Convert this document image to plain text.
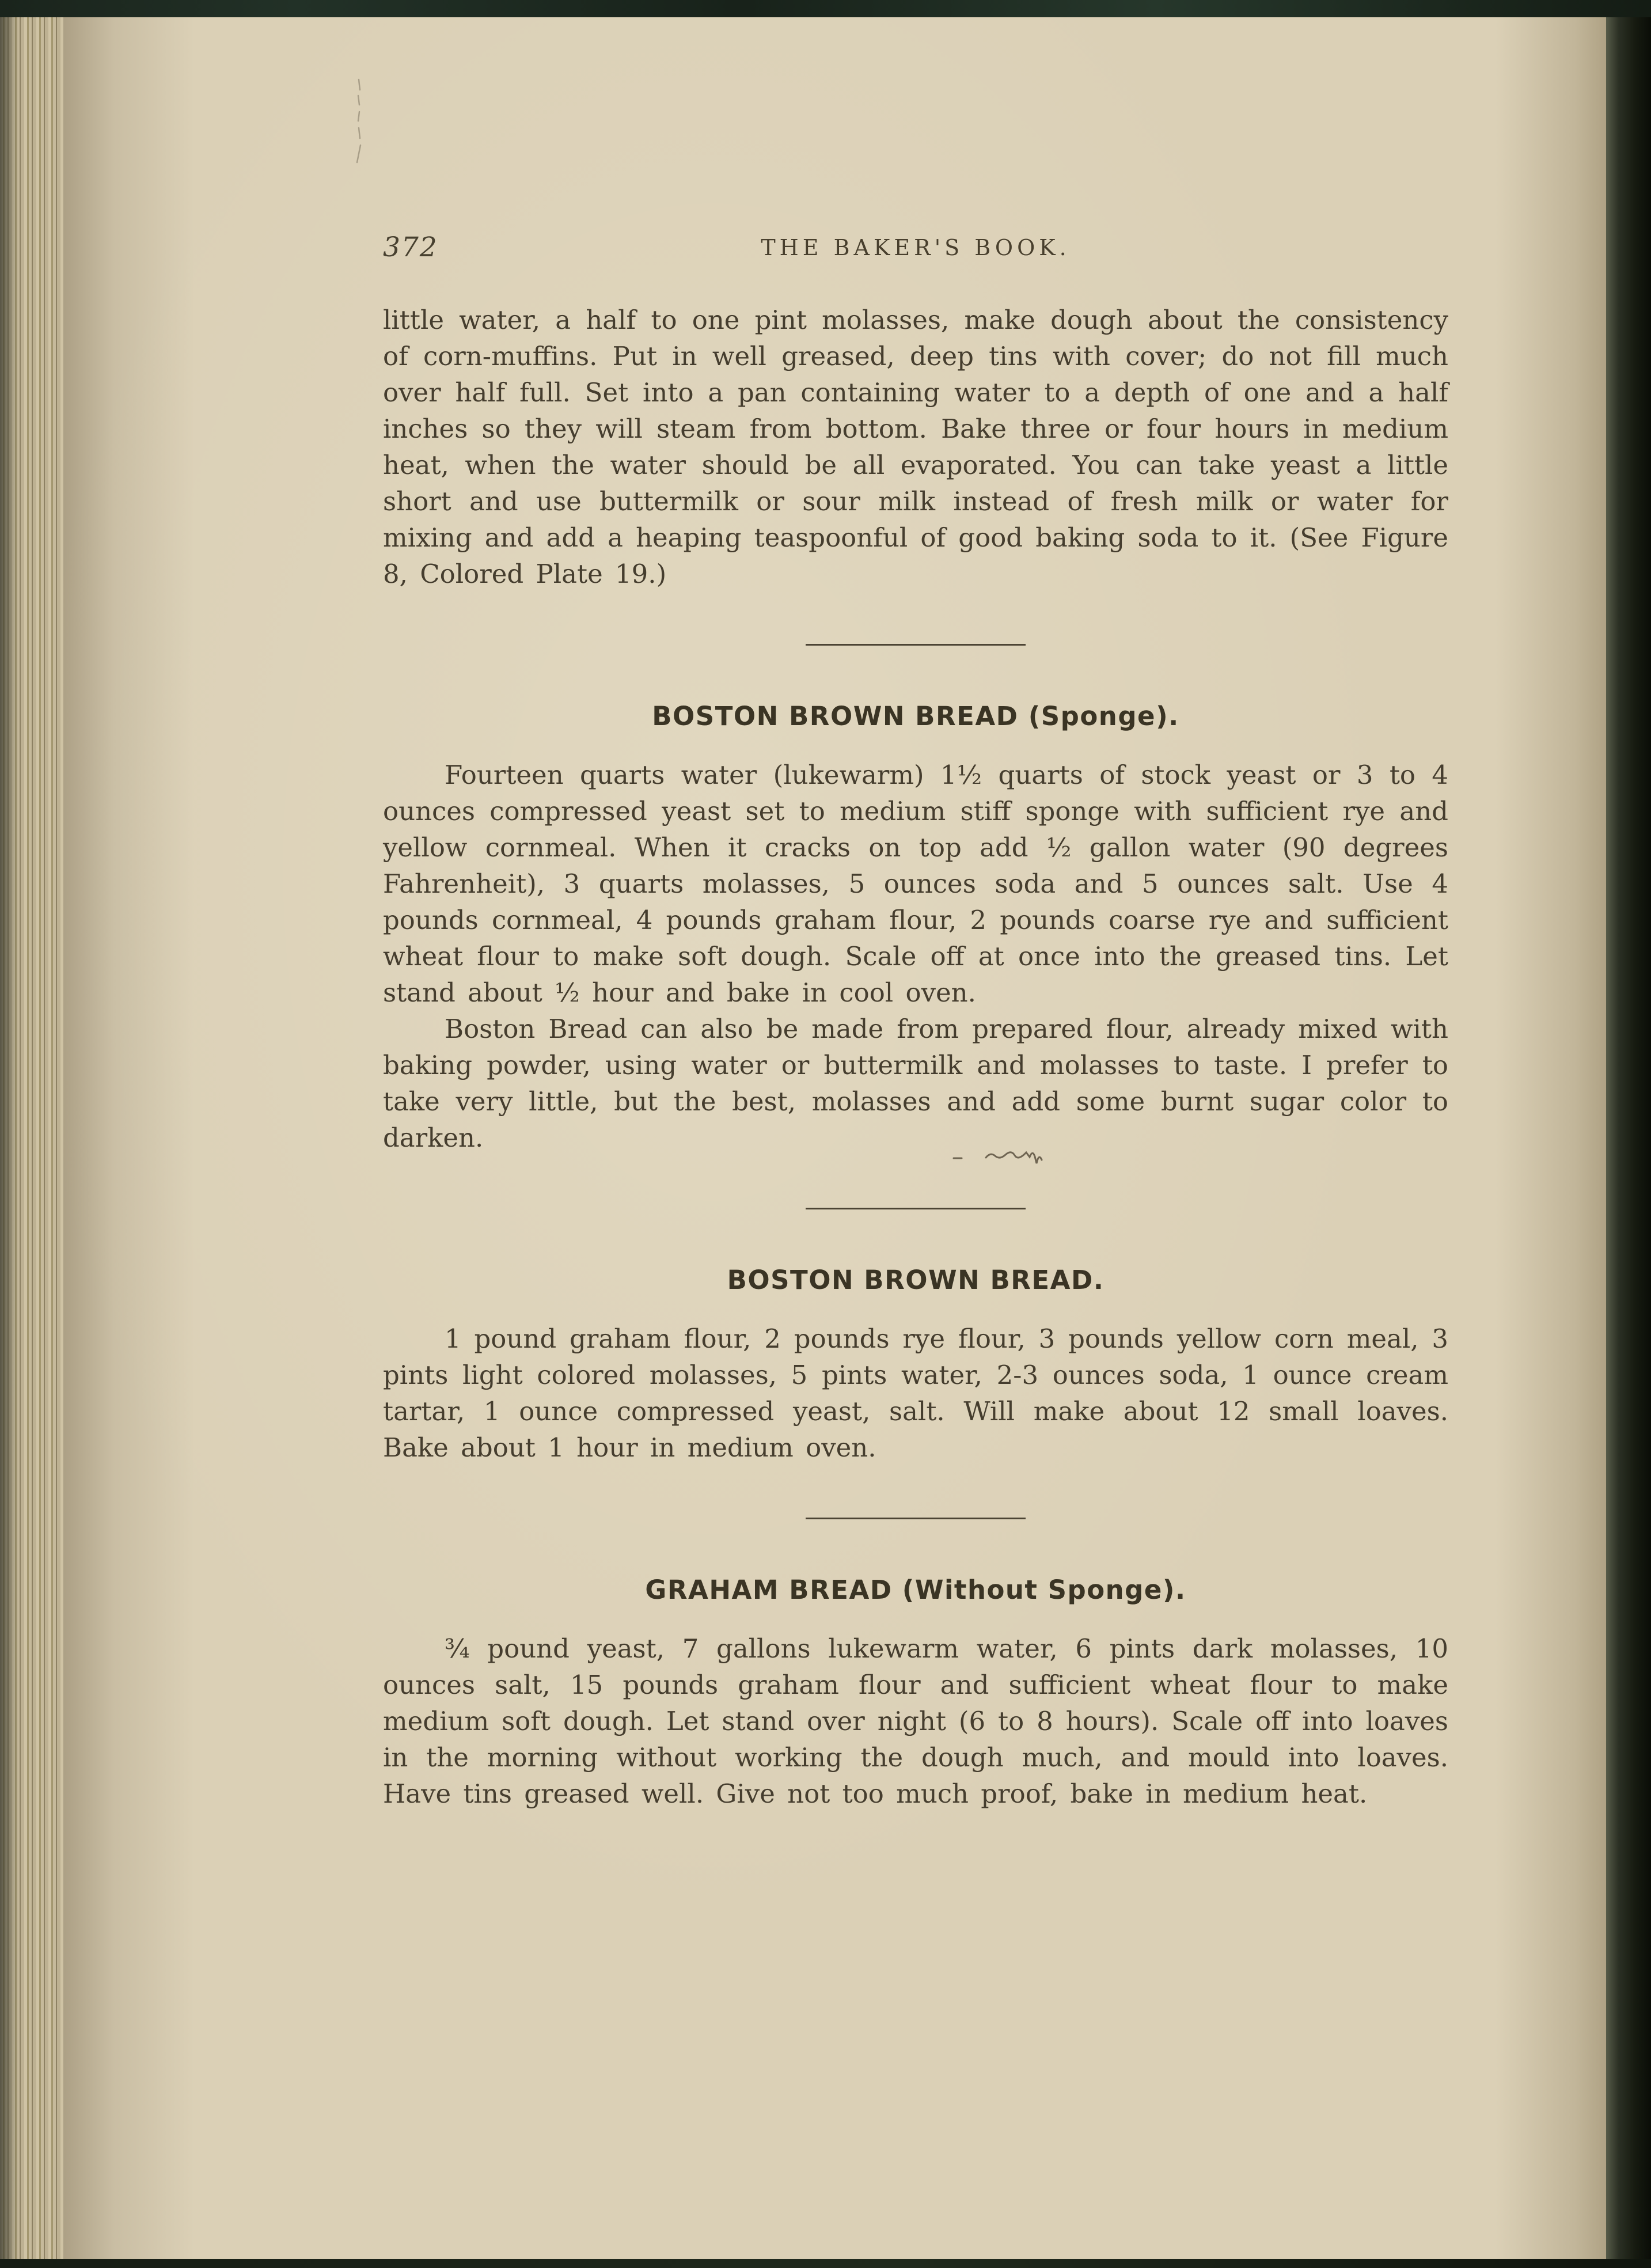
372	THE BAKER'S BOOK.

little water, a half to one pint molasses, make dough about the consistency of corn-muffins. Put in well greased, deep tins with cover; do not fill much over half full. Set into a pan containing water to a depth of one and a half inches so they will steam from bottom. Bake three or four hours in medium heat, when the water should be all evaporated. You can take yeast a little short and use buttermilk or sour milk instead of fresh milk or water for mixing and add a heaping teaspoonful of good baking soda to it. (See Figure 8, Colored Plate 19.)

BOSTON BROWN BREAD (Sponge).

Fourteen quarts water (lukewarm) 1½ quarts of stock yeast or 3 to 4 ounces compressed yeast set to medium stiff sponge with sufficient rye and yellow cornmeal. When it cracks on top add ½ gallon water (90 degrees Fahrenheit), 3 quarts molasses, 5 ounces soda and 5 ounces salt. Use 4 pounds cornmeal, 4 pounds graham flour, 2 pounds coarse rye and sufficient wheat flour to make soft dough. Scale off at once into the greased tins. Let stand about ½ hour and bake in cool oven.

Boston Bread can also be made from prepared flour, already mixed with baking powder, using water or buttermilk and molasses to taste. I prefer to take very little, but the best, molasses and add some burnt sugar color to darken.

BOSTON BROWN BREAD.

1 pound graham flour, 2 pounds rye flour, 3 pounds yellow corn meal, 3 pints light colored molasses, 5 pints water, 2-3 ounces soda, 1 ounce cream tartar, 1 ounce compressed yeast, salt. Will make about 12 small loaves. Bake about 1 hour in medium oven.

GRAHAM BREAD (Without Sponge).

¾ pound yeast, 7 gallons lukewarm water, 6 pints dark molasses, 10 ounces salt, 15 pounds graham flour and sufficient wheat flour to make medium soft dough. Let stand over night (6 to 8 hours). Scale off into loaves in the morning without working the dough much, and mould into loaves. Have tins greased well. Give not too much proof, bake in medium heat.
